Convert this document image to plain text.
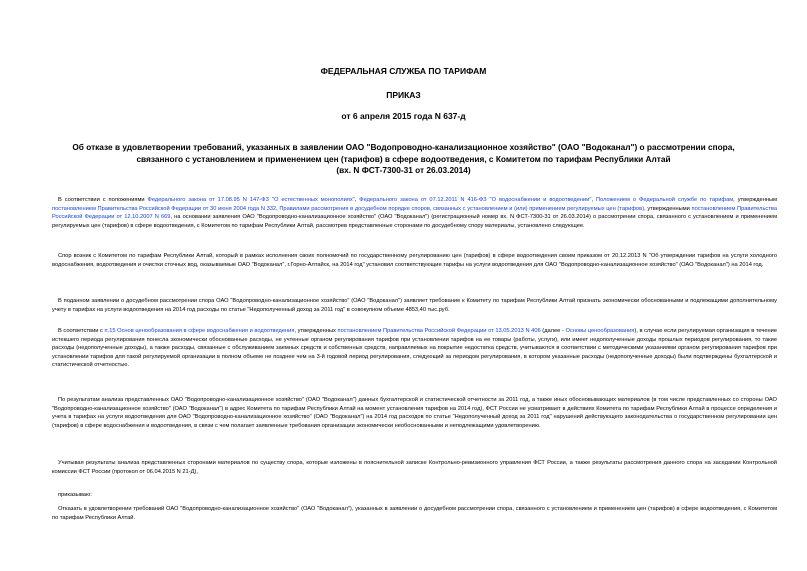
ФЕДЕРАЛЬНАЯ СЛУЖБА ПО ТАРИФАМ
ПРИКАЗ
от 6 апреля 2015 года N 637-д
Об отказе в удовлетворении требований, указанных в заявлении ОАО "Водопроводно-канализационное хозяйство" (ОАО "Водоканал") о рассмотрении спора,
связанного с установлением и применением цен (тарифов) в сфере водоотведения, с Комитетом по тарифам Республики Алтай
(вх. N ФСТ-7300-31 от 26.03.2014)
В соответствии с положениями Федерального закона от 17.08.95 N 147-ФЗ "О естественных монополиях", Федерального закона от 07.12.2011 N 416-ФЗ "О водоснабжении и водоотведении", Положением о Федеральной службе по тарифам, утвержденным постановлением Правительства Российской Федерации от 30 июня 2004 года N 332, Правилами рассмотрения в досудебном порядке споров, связанных с установлением и (или) применением регулируемых цен (тарифов), утвержденными постановлением Правительства Российской Федерации от 12.10.2007 N 669, на основании заявления ОАО "Водопроводно-канализационное хозяйство" (ОАО "Водоканал") (регистрационный номер вх. N ФСТ-7300-31 от 26.03.2014) о рассмотрении спора, связанного с установлением и применением регулируемых цен (тарифов) в сфере водоотведения, с Комитетом по тарифам Республики Алтай, рассмотрев представленные сторонами по досудебному спору материалы, установлено следующее.
Спор возник с Комитетом по тарифам Республики Алтай, который в рамках исполнения своих полномочий по государственному регулированию цен (тарифов) в сфере водоотведения своим приказом от 20.12.2013 N "Об утверждении тарифов на услуги холодного водоснабжения, водоотведения и очистки сточных вод, оказываемые ОАО "Водоканал", г.Горно-Алтайск, на 2014 год" установил соответствующие тарифы на услуги водоотведения для ОАО "Водопроводно-канализационное хозяйство" (ОАО "Водоканал") на 2014 год.
В поданном заявлении о досудебном рассмотрении спора ОАО "Водопроводно-канализационное хозяйство" (ОАО "Водоканал") заявляет требование к Комитету по тарифам Республики Алтай признать экономически обоснованными и подлежащими дополнительному учету в тарифах на услуги водоотведения на 2014 год расходы по статье "Недополученный доход за 2011 год" в совокупном объеме 4853,40 тыс.руб.
В соответствии с п.15 Основ ценообразования в сфере водоснабжения и водоотведения, утвержденных постановлением Правительства Российской Федерации от 13.05.2013 N 406 (далее - Основы ценообразования), в случае если регулируемая организация в течение истекшего периода регулирования понесла экономически обоснованные расходы, не учтенные органом регулирования тарифов при установлении тарифов на ее товары (работы, услуги), или имеет недополученные доходы прошлых периодов регулирования, то такие расходы (недополученные доходы), а также расходы, связанные с обслуживанием заемных средств и собственных средств, направляемых на покрытие недостатка средств, учитываются в соответствии с методическими указаниями органом регулирования тарифов при установлении тарифов для такой регулируемой организации в полном объеме не позднее чем на 3-й годовой период регулирования, следующий за периодом регулирования, в котором указанные расходы (недополученные доходы) были подтверждены бухгалтерской и статистической отчетностью.
По результатам анализа представленных ОАО "Водопроводно-канализационное хозяйство" (ОАО "Водоканал") данных бухгалтерской и статистической отчетности за 2011 год, а также иных обосновывающих материалов (в том числе представленных со стороны ОАО "Водопроводно-канализационное хозяйство" (ОАО "Водоканал") в адрес Комитета по тарифам Республики Алтай на момент установления тарифов на 2014 год), ФСТ России не усматривает в действиях Комитета по тарифам Республики Алтай в процессе определения и учета в тарифах на услуги водоотведения для ОАО "Водопроводно-канализационное хозяйство" (ОАО "Водоканал") на 2014 год расходов по статье "Недополученный доход за 2011 год" нарушений действующего законодательства о государственном регулировании цен (тарифов) в сфере водоснабжения и водоотведения, в связи с чем полагает заявленные требования организации экономически необоснованными и неподлежащими удовлетворению.
Учитывая результаты анализа представленных сторонами материалов по существу спора, которые изложены в пояснительной записке Контрольно-ревизионного управления ФСТ России, а также результаты рассмотрения данного спора на заседании Контрольной комиссии ФСТ России (протокол от 06.04.2015 N 21-Д),
приказываю:
Отказать в удовлетворении требований ОАО "Водопроводно-канализационное хозяйство" (ОАО "Водоканал"), указанных в заявлении о досудебном рассмотрении спора, связанного с установлением и применением цен (тарифов) в сфере водоотведения, с Комитетом по тарифам Республики Алтай.
